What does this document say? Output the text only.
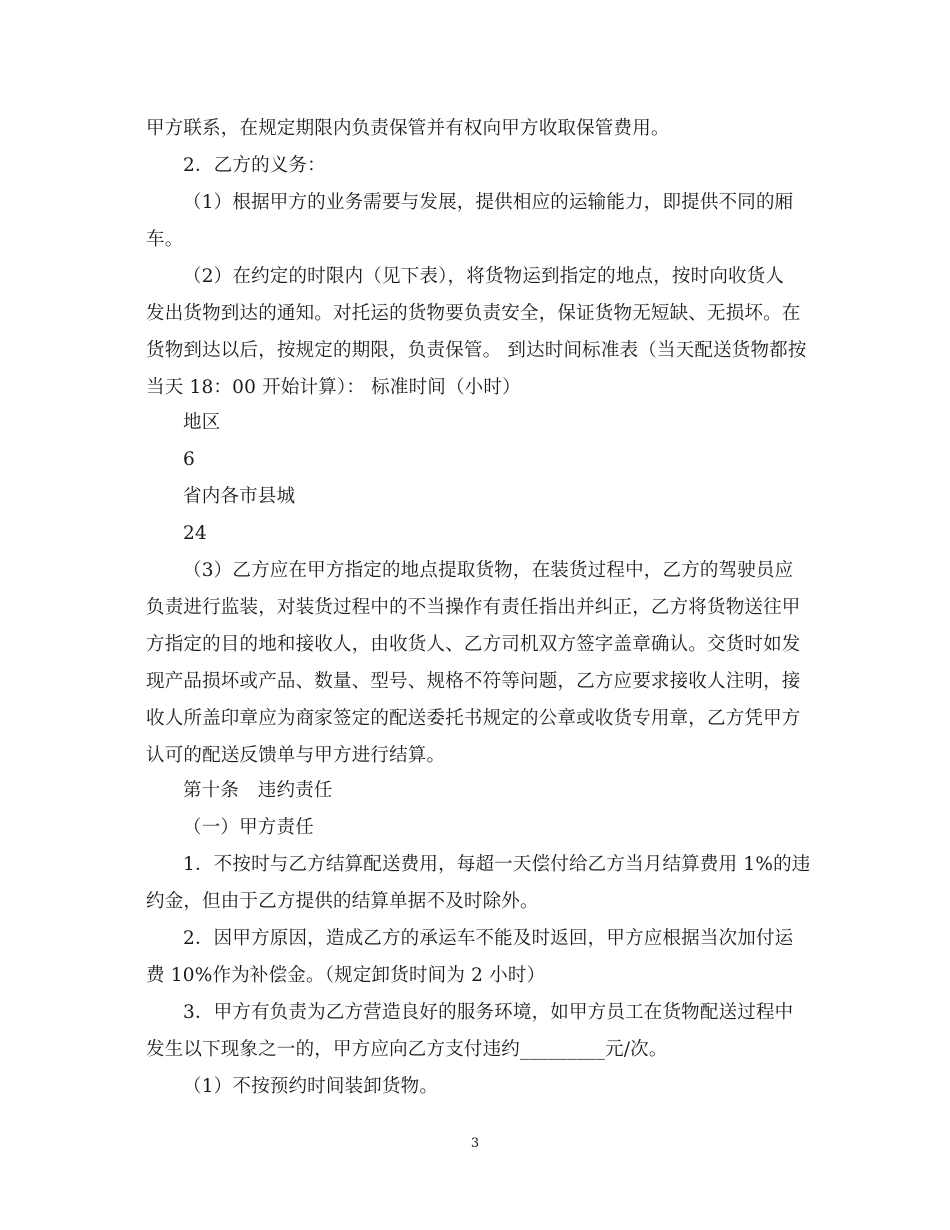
甲方联系，在规定期限内负责保管并有权向甲方收取保管费用。
2．乙方的义务：
（1）根据甲方的业务需要与发展，提供相应的运输能力，即提供不同的厢
车。
（2）在约定的时限内（见下表），将货物运到指定的地点，按时向收货人
发出货物到达的通知。对托运的货物要负责安全，保证货物无短缺、无损坏。在
货物到达以后，按规定的期限，负责保管。 到达时间标准表（当天配送货物都按
当天 18：00 开始计算）： 标准时间（小时）
地区
6
省内各市县城
24
（3）乙方应在甲方指定的地点提取货物，在装货过程中，乙方的驾驶员应
负责进行监装，对装货过程中的不当操作有责任指出并纠正，乙方将货物送往甲
方指定的目的地和接收人，由收货人、乙方司机双方签字盖章确认。交货时如发
现产品损坏或产品、数量、型号、规格不符等问题，乙方应要求接收人注明，接
收人所盖印章应为商家签定的配送委托书规定的公章或收货专用章，乙方凭甲方
认可的配送反馈单与甲方进行结算。
第十条　违约责任
（一）甲方责任
1．不按时与乙方结算配送费用，每超一天偿付给乙方当月结算费用 1%的违
约金，但由于乙方提供的结算单据不及时除外。
2．因甲方原因，造成乙方的承运车不能及时返回，甲方应根据当次加付运
费 10%作为补偿金。（规定卸货时间为 2 小时）
3．甲方有负责为乙方营造良好的服务环境，如甲方员工在货物配送过程中
发生以下现象之一的，甲方应向乙方支付违约_________元/次。
（1）不按预约时间装卸货物。
3
